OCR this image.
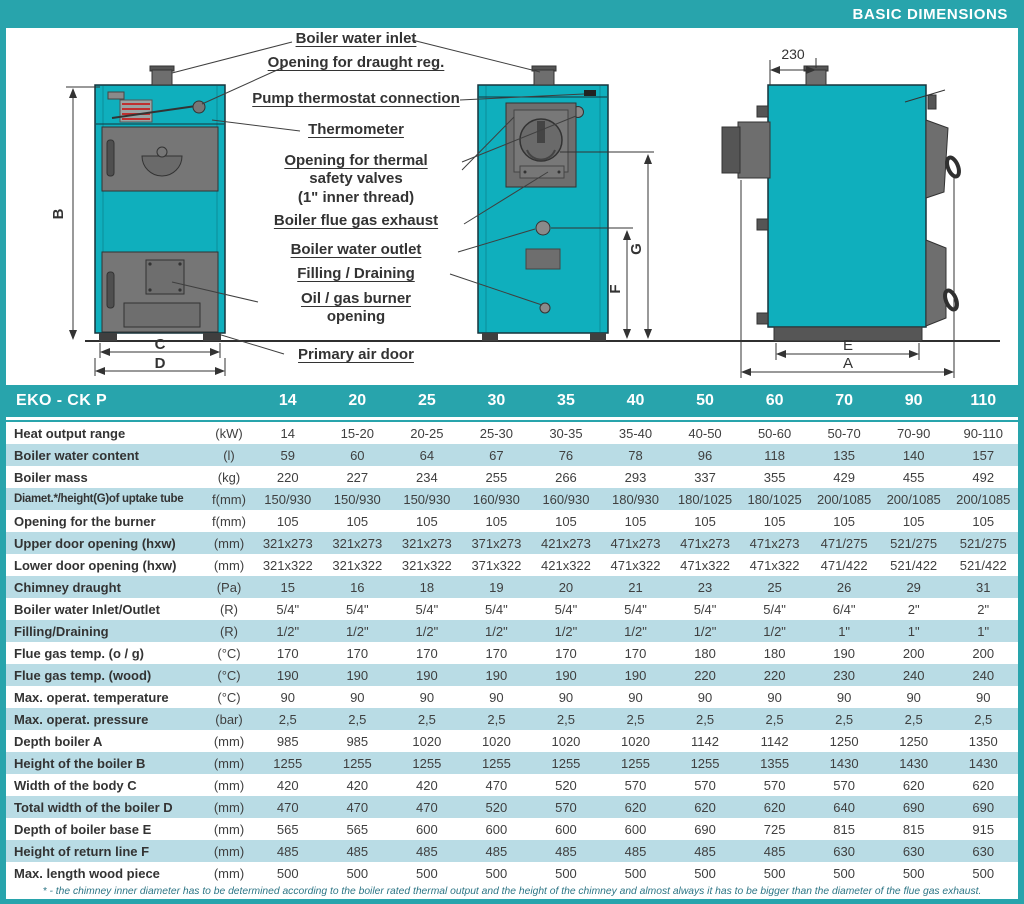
BASIC DIMENSIONS
B
C
D
F
G
230
E
A
Boiler water inlet
Opening for draught reg.
Pump thermostat connection
Thermometer
Opening for thermal
safety valves
(1" inner thread)
Boiler flue gas exhaust
Boiler water outlet
Filling / Draining
Oil / gas burner
opening
Primary air door
EKO - CK P	14	20	25	30	35	40	50	60	70	90	110
Heat output range	(kW)	14	15-20	20-25	25-30	30-35	35-40	40-50	50-60	50-70	70-90	90-110
Boiler water content	(l)	59	60	64	67	76	78	96	118	135	140	157
Boiler mass	(kg)	220	227	234	255	266	293	337	355	429	455	492
Diamet.*/height(G)of uptake tube	f(mm)	150/930	150/930	150/930	160/930	160/930	180/930	180/1025	180/1025	200/1085	200/1085	200/1085
Opening for the burner	f(mm)	105	105	105	105	105	105	105	105	105	105	105
Upper door opening (hxw)	(mm)	321x273	321x273	321x273	371x273	421x273	471x273	471x273	471x273	471/275	521/275	521/275
Lower door opening (hxw)	(mm)	321x322	321x322	321x322	371x322	421x322	471x322	471x322	471x322	471/422	521/422	521/422
Chimney draught	(Pa)	15	16	18	19	20	21	23	25	26	29	31
Boiler water Inlet/Outlet	(R)	5/4"	5/4"	5/4"	5/4"	5/4"	5/4"	5/4"	5/4"	6/4"	2"	2"
Filling/Draining	(R)	1/2"	1/2"	1/2"	1/2"	1/2"	1/2"	1/2"	1/2"	1"	1"	1"
Flue gas temp. (o / g)	(°C)	170	170	170	170	170	170	180	180	190	200	200
Flue gas temp. (wood)	(°C)	190	190	190	190	190	190	220	220	230	240	240
Max. operat. temperature	(°C)	90	90	90	90	90	90	90	90	90	90	90
Max. operat. pressure	(bar)	2,5	2,5	2,5	2,5	2,5	2,5	2,5	2,5	2,5	2,5	2,5
Depth boiler A	(mm)	985	985	1020	1020	1020	1020	1142	1142	1250	1250	1350
Height of the boiler B	(mm)	1255	1255	1255	1255	1255	1255	1255	1355	1430	1430	1430
Width of the body C	(mm)	420	420	420	470	520	570	570	570	570	620	620
Total width of the boiler D	(mm)	470	470	470	520	570	620	620	620	640	690	690
Depth of boiler base E	(mm)	565	565	600	600	600	600	690	725	815	815	915
Height of return line F	(mm)	485	485	485	485	485	485	485	485	630	630	630
Max. length wood piece	(mm)	500	500	500	500	500	500	500	500	500	500	500
* - the chimney inner diameter has to be determined according to the boiler rated thermal output and the height of the chimney and almost always it has to be bigger than the diameter of the flue gas exhaust.
